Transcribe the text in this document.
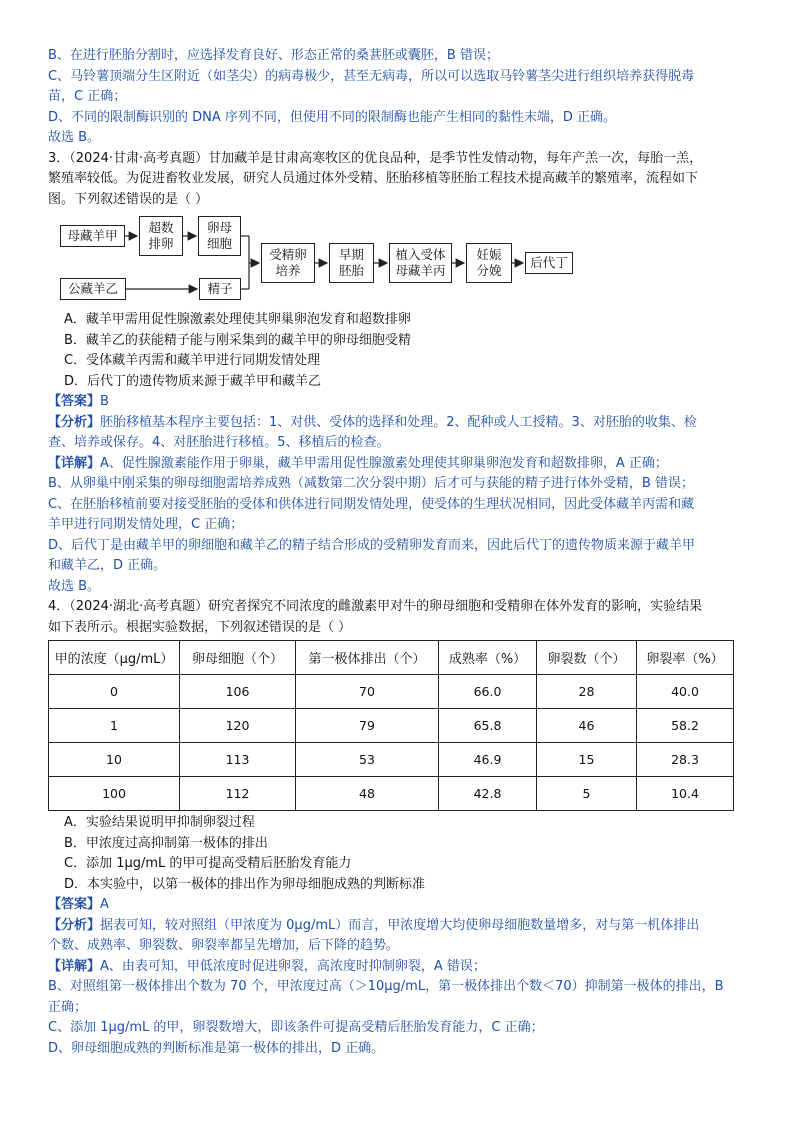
B、在进行胚胎分割时，应选择发育良好、形态正常的桑葚胚或囊胚，B 错误；

C、马铃薯顶端分生区附近（如茎尖）的病毒极少，甚至无病毒，所以可以选取马铃薯茎尖进行组织培养获得脱毒

苗，C 正确；

D、不同的限制酶识别的 DNA 序列不同，但使用不同的限制酶也能产生相同的黏性末端，D 正确。

故选 B。

3．（2024·甘肃·高考真题）甘加藏羊是甘肃高寒牧区的优良品种，是季节性发情动物，每年产羔一次，每胎一羔，

繁殖率较低。为促进畜牧业发展，研究人员通过体外受精、胚胎移植等胚胎工程技术提高藏羊的繁殖率，流程如下

图。下列叙述错误的是（ ）

母藏羊甲
超数
排卵
卵母
细胞
公藏羊乙	精子
受精卵
培养
早期
胚胎
植入受体
母藏羊丙
妊娠
分娩
后代丁

A．藏羊甲需用促性腺激素处理使其卵巢卵泡发育和超数排卵

B．藏羊乙的获能精子能与刚采集到的藏羊甲的卵母细胞受精

C．受体藏羊丙需和藏羊甲进行同期发情处理

D．后代丁的遗传物质来源于藏羊甲和藏羊乙

【答案】B

【分析】胚胎移植基本程序主要包括：1、对供、受体的选择和处理。2、配种或人工授精。3、对胚胎的收集、检

查、培养或保存。4、对胚胎进行移植。5、移植后的检查。

【详解】A、促性腺激素能作用于卵巢，藏羊甲需用促性腺激素处理使其卵巢卵泡发育和超数排卵，A 正确；

B、从卵巢中刚采集的卵母细胞需培养成熟（减数第二次分裂中期）后才可与获能的精子进行体外受精，B 错误；

C、在胚胎移植前要对接受胚胎的受体和供体进行同期发情处理，使受体的生理状况相同，因此受体藏羊丙需和藏

羊甲进行同期发情处理，C 正确；

D、后代丁是由藏羊甲的卵细胞和藏羊乙的精子结合形成的受精卵发育而来，因此后代丁的遗传物质来源于藏羊甲

和藏羊乙，D 正确。

故选 B。

4．（2024·湖北·高考真题）研究者探究不同浓度的雌激素甲对牛的卵母细胞和受精卵在体外发育的影响，实验结果

如下表所示。根据实验数据，下列叙述错误的是（ ）

甲的浓度（μg/mL）	卵母细胞（个）	第一极体排出（个）	成熟率（%）	卵裂数（个）	卵裂率（%）
0	106	70	66.0	28	40.0
1	120	79	65.8	46	58.2
10	113	53	46.9	15	28.3
100	112	48	42.8	5	10.4

A．实验结果说明甲抑制卵裂过程

B．甲浓度过高抑制第一极体的排出

C．添加 1μg/mL 的甲可提高受精后胚胎发育能力

D．本实验中，以第一极体的排出作为卵母细胞成熟的判断标准

【答案】A

【分析】据表可知，较对照组（甲浓度为 0μg/mL）而言，甲浓度增大均使卵母细胞数量增多，对与第一机体排出

个数、成熟率、卵裂数、卵裂率都呈先增加，后下降的趋势。

【详解】A、由表可知，甲低浓度时促进卵裂，高浓度时抑制卵裂，A 错误；

B、对照组第一极体排出个数为 70 个，甲浓度过高（＞10μg/mL，第一极体排出个数＜70）抑制第一极体的排出，B

正确；

C、添加 1μg/mL 的甲，卵裂数增大，即该条件可提高受精后胚胎发育能力，C 正确；

D、卵母细胞成熟的判断标准是第一极体的排出，D 正确。
